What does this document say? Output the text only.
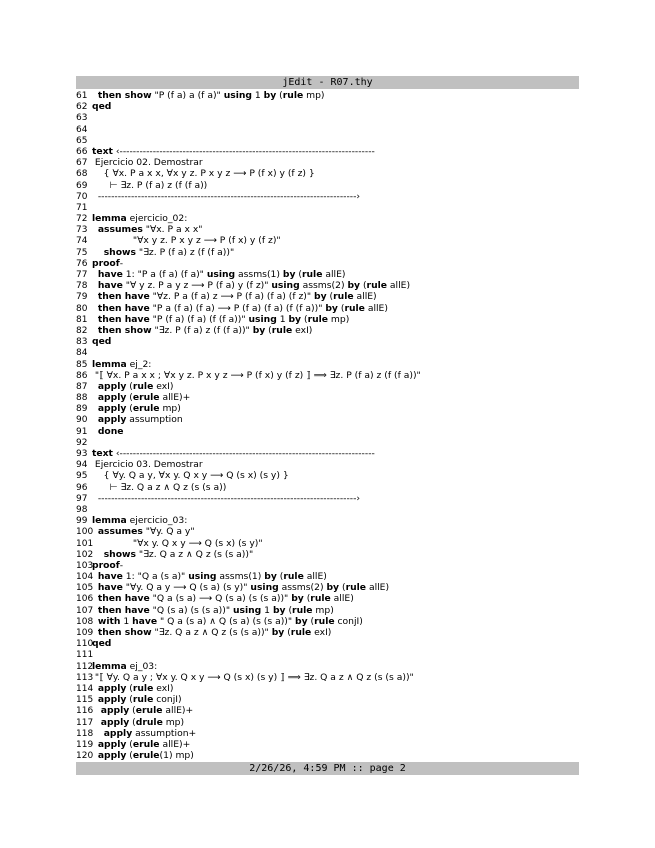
jEdit - R07.thy
61 then show "P (f a) a (f a)" using 1 by (rule mp)
62 qed
63
64
65
66 text ‹-----------------------------------------------------------------------------
67 Ejercicio 02. Demostrar
68    { ∀x. P a x x, ∀x y z. P x y z ⟶ P (f x) y (f z) }
69      ⊢ ∃z. P (f a) z (f (f a))
70  ------------------------------------------------------------------------------›
71
72 lemma ejercicio_02:
73 assumes "∀x. P a x x"
74              "∀x y z. P x y z ⟶ P (f x) y (f z)"
75 shows "∃z. P (f a) z (f (f a))"
76 proof-
77 have 1: "P a (f a) (f a)" using assms(1) by (rule allE)
78 have "∀ y z. P a y z ⟶ P (f a) y (f z)" using assms(2) by (rule allE)
79 then have "∀z. P a (f a) z ⟶ P (f a) (f a) (f z)" by (rule allE)
80 then have "P a (f a) (f a) ⟶ P (f a) (f a) (f (f a))" by (rule allE)
81 then have "P (f a) (f a) (f (f a))" using 1 by (rule mp)
82 then show "∃z. P (f a) z (f (f a))" by (rule exI)
83 qed
84
85 lemma ej_2:
86 "⟦ ∀x. P a x x ; ∀x y z. P x y z ⟶ P (f x) y (f z) ⟧ ⟹ ∃z. P (f a) z (f (f a))"
87 apply (rule exI)
88 apply (erule allE)+
89 apply (erule mp)
90 apply assumption
91 done
92
93 text ‹-----------------------------------------------------------------------------
94 Ejercicio 03. Demostrar
95    { ∀y. Q a y, ∀x y. Q x y ⟶ Q (s x) (s y) }
96      ⊢ ∃z. Q a z ∧ Q z (s (s a))
97  ------------------------------------------------------------------------------›
98
99 lemma ejercicio_03:
100 assumes "∀y. Q a y"
101              "∀x y. Q x y ⟶ Q (s x) (s y)"
102 shows "∃z. Q a z ∧ Q z (s (s a))"
103proof-
104 have 1: "Q a (s a)" using assms(1) by (rule allE)
105 have "∀y. Q a y ⟶ Q (s a) (s y)" using assms(2) by (rule allE)
106 then have "Q a (s a) ⟶ Q (s a) (s (s a))" by (rule allE)
107 then have "Q (s a) (s (s a))" using 1 by (rule mp)
108 with 1 have " Q a (s a) ∧ Q (s a) (s (s a))" by (rule conjI)
109 then show "∃z. Q a z ∧ Q z (s (s a))" by (rule exI)
110qed
111
112lemma ej_03:
113 "⟦ ∀y. Q a y ; ∀x y. Q x y ⟶ Q (s x) (s y) ⟧ ⟹ ∃z. Q a z ∧ Q z (s (s a))"
114 apply (rule exI)
115 apply (rule conjI)
116 apply (erule allE)+
117 apply (drule mp)
118 apply assumption+
119 apply (erule allE)+
120 apply (erule(1) mp)
2/26/26, 4:59 PM :: page 2
